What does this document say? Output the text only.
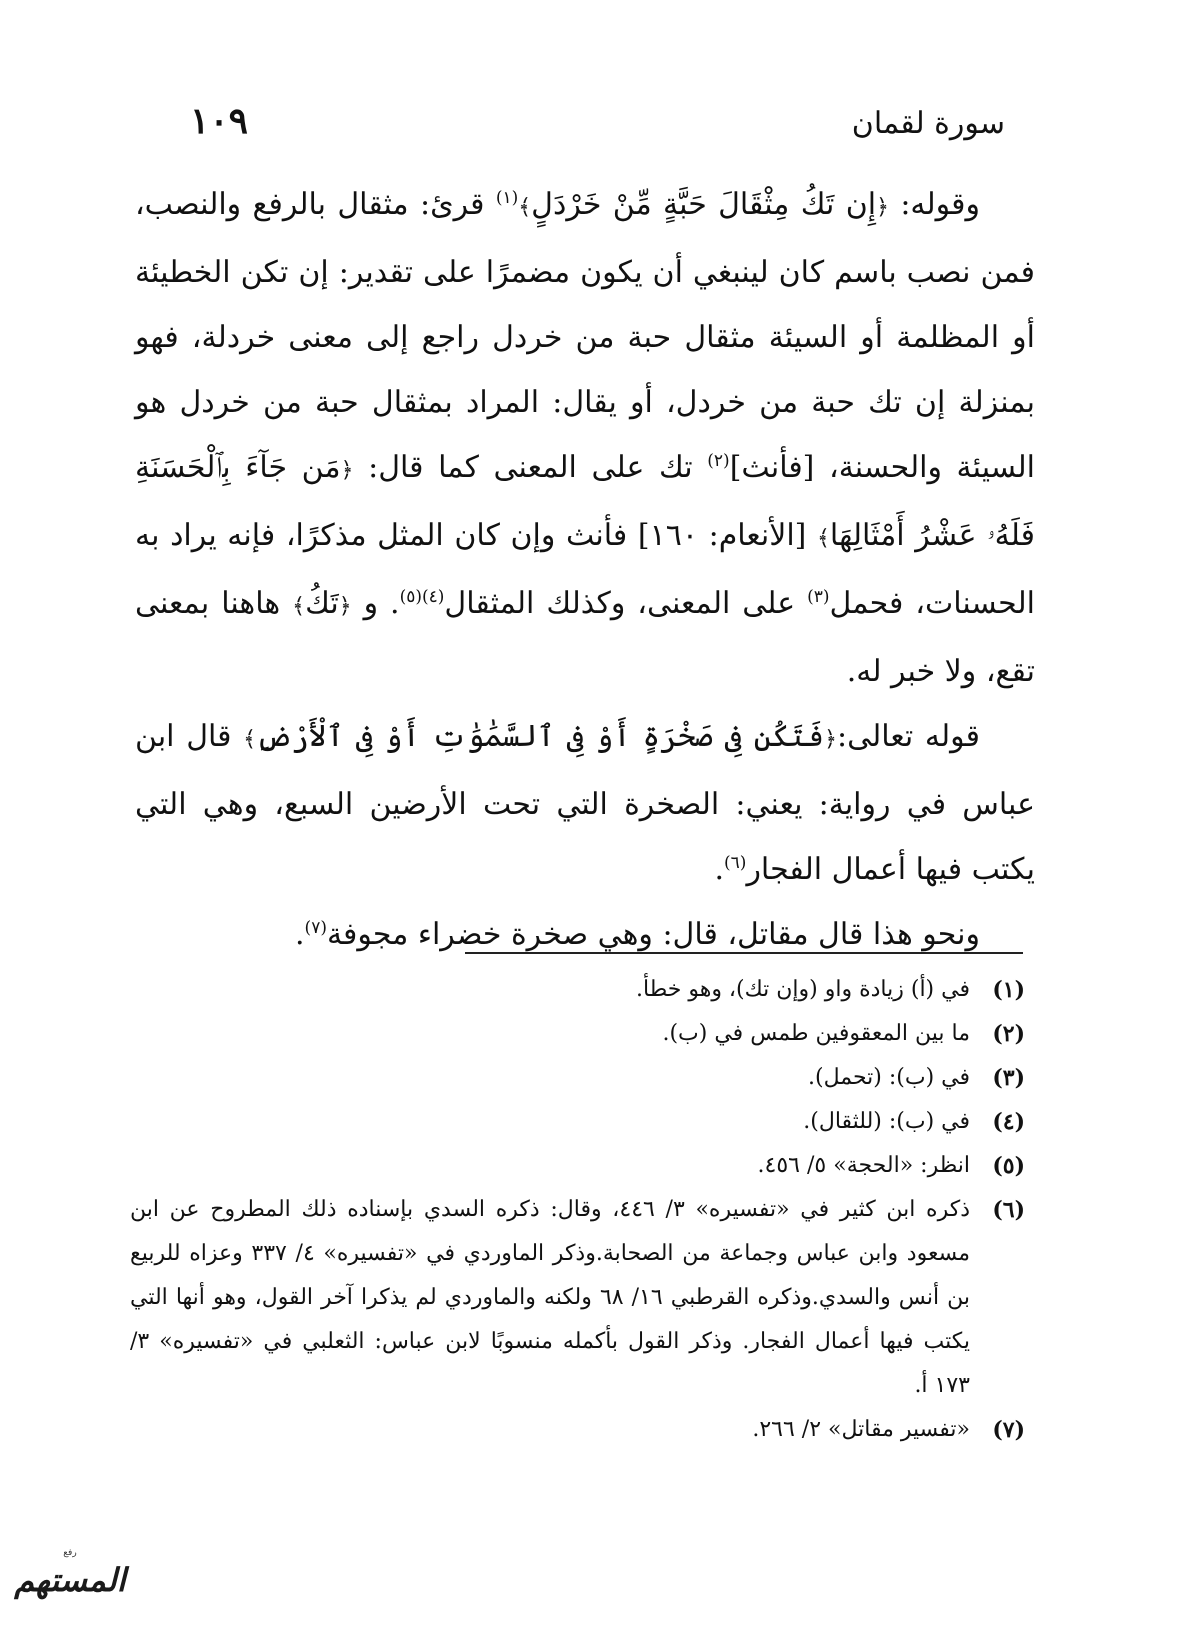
سورة لقمان
١٠٩

وقوله: ﴿إِن تَكُ مِثْقَالَ حَبَّةٍ مِّنْ خَرْدَلٍ﴾$^{(١)}$ قرئ: مثقال بالرفع والنصب، فمن نصب باسم كان لينبغي أن يكون مضمرًا على تقدير: إن تكن الخطيئة أو المظلمة أو السيئة مثقال حبة من خردل راجع إلى معنى خردلة، فهو بمنزلة إن تك حبة من خردل، أو يقال: المراد بمثقال حبة من خردل هو السيئة والحسنة، [فأنث]$^{(٢)}$ تك على المعنى كما قال: ﴿مَن جَآءَ بِٱلْحَسَنَةِ فَلَهُۥ عَشْرُ أَمْثَالِهَا﴾ [الأنعام: ١٦٠] فأنث وإن كان المثل مذكرًا، فإنه يراد به الحسنات، فحمل$^{(٣)}$ على المعنى، وكذلك المثقال$^{(٤)(٥)}$. و ﴿تَكُ﴾ هاهنا بمعنى تقع، ولا خبر له.

قوله تعالى:﴿فَتَكُن فِى صَخْرَةٍ أَوْ فِى ٱلسَّمَٰوَٰتِ أَوْ فِى ٱلْأَرْضِ﴾ قال ابن عباس في رواية: يعني: الصخرة التي تحت الأرضين السبع، وهي التي يكتب فيها أعمال الفجار$^{(٦)}$.

ونحو هذا قال مقاتل، قال: وهي صخرة خضراء مجوفة$^{(٧)}$.

(١)
في (أ) زيادة واو (وإن تك)، وهو خطأ.
(٢)
ما بين المعقوفين طمس في (ب).
(٣)
في (ب): (تحمل).
(٤)
في (ب): (للثقال).
(٥)
انظر: «الحجة» ٥/ ٤٥٦.
(٦)
ذكره ابن كثير في «تفسيره» ٣/ ٤٤٦، وقال: ذكره السدي بإسناده ذلك المطروح عن ابن مسعود وابن عباس وجماعة من الصحابة.وذكر الماوردي في «تفسيره» ٤/ ٣٣٧ وعزاه للربيع بن أنس والسدي.وذكره القرطبي ١٦/ ٦٨ ولكنه والماوردي لم يذكرا آخر القول، وهو أنها التي يكتب فيها أعمال الفجار. وذكر القول بأكمله منسوبًا لابن عباس: الثعلبي في «تفسيره» ٣/ ١٧٣ أ.
(٧)
«تفسير مقاتل» ٢/ ٢٦٦.
رفع
المستهم
